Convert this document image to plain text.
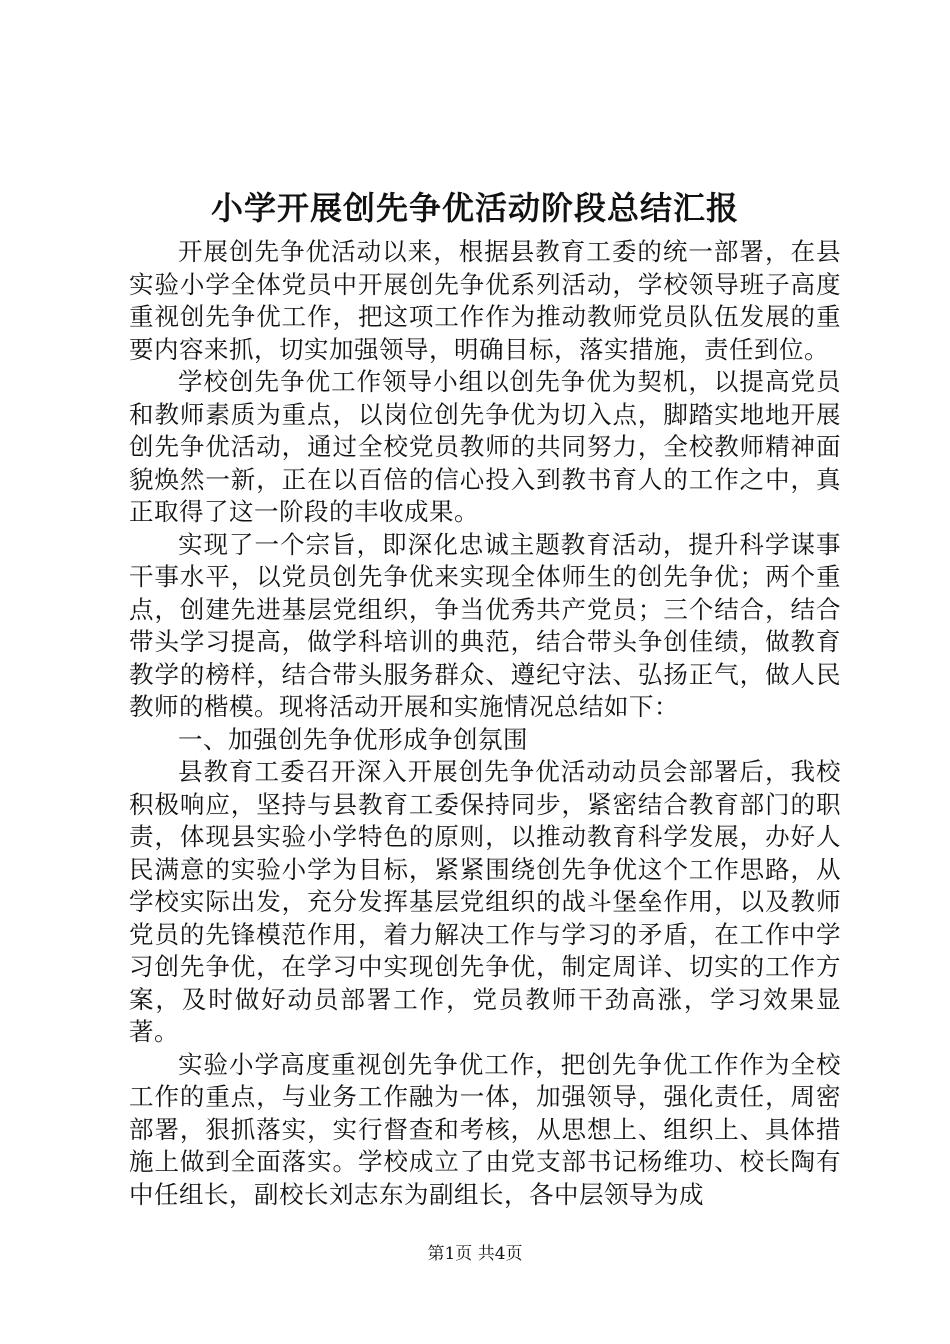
小学开展创先争优活动阶段总结汇报

开展创先争优活动以来，根据县教育工委的统一部署，在县实验小学全体党员中开展创先争优系列活动，学校领导班子高度重视创先争优工作，把这项工作作为推动教师党员队伍发展的重要内容来抓，切实加强领导，明确目标，落实措施，责任到位。

学校创先争优工作领导小组以创先争优为契机，以提高党员和教师素质为重点，以岗位创先争优为切入点，脚踏实地地开展创先争优活动，通过全校党员教师的共同努力，全校教师精神面貌焕然一新，正在以百倍的信心投入到教书育人的工作之中，真正取得了这一阶段的丰收成果。

实现了一个宗旨，即深化忠诚主题教育活动，提升科学谋事干事水平，以党员创先争优来实现全体师生的创先争优；两个重点，创建先进基层党组织，争当优秀共产党员；三个结合，结合带头学习提高，做学科培训的典范，结合带头争创佳绩，做教育教学的榜样，结合带头服务群众、遵纪守法、弘扬正气，做人民教师的楷模。现将活动开展和实施情况总结如下：

一、加强创先争优形成争创氛围

县教育工委召开深入开展创先争优活动动员会部署后，我校积极响应，坚持与县教育工委保持同步，紧密结合教育部门的职责，体现县实验小学特色的原则，以推动教育科学发展，办好人民满意的实验小学为目标，紧紧围绕创先争优这个工作思路，从学校实际出发，充分发挥基层党组织的战斗堡垒作用，以及教师党员的先锋模范作用，着力解决工作与学习的矛盾，在工作中学习创先争优，在学习中实现创先争优，制定周详、切实的工作方案，及时做好动员部署工作，党员教师干劲高涨，学习效果显著。

实验小学高度重视创先争优工作，把创先争优工作作为全校工作的重点，与业务工作融为一体，加强领导，强化责任，周密部署，狠抓落实，实行督查和考核，从思想上、组织上、具体措施上做到全面落实。学校成立了由党支部书记杨维功、校长陶有中任组长，副校长刘志东为副组长，各中层领导为成

第1页 共4页
